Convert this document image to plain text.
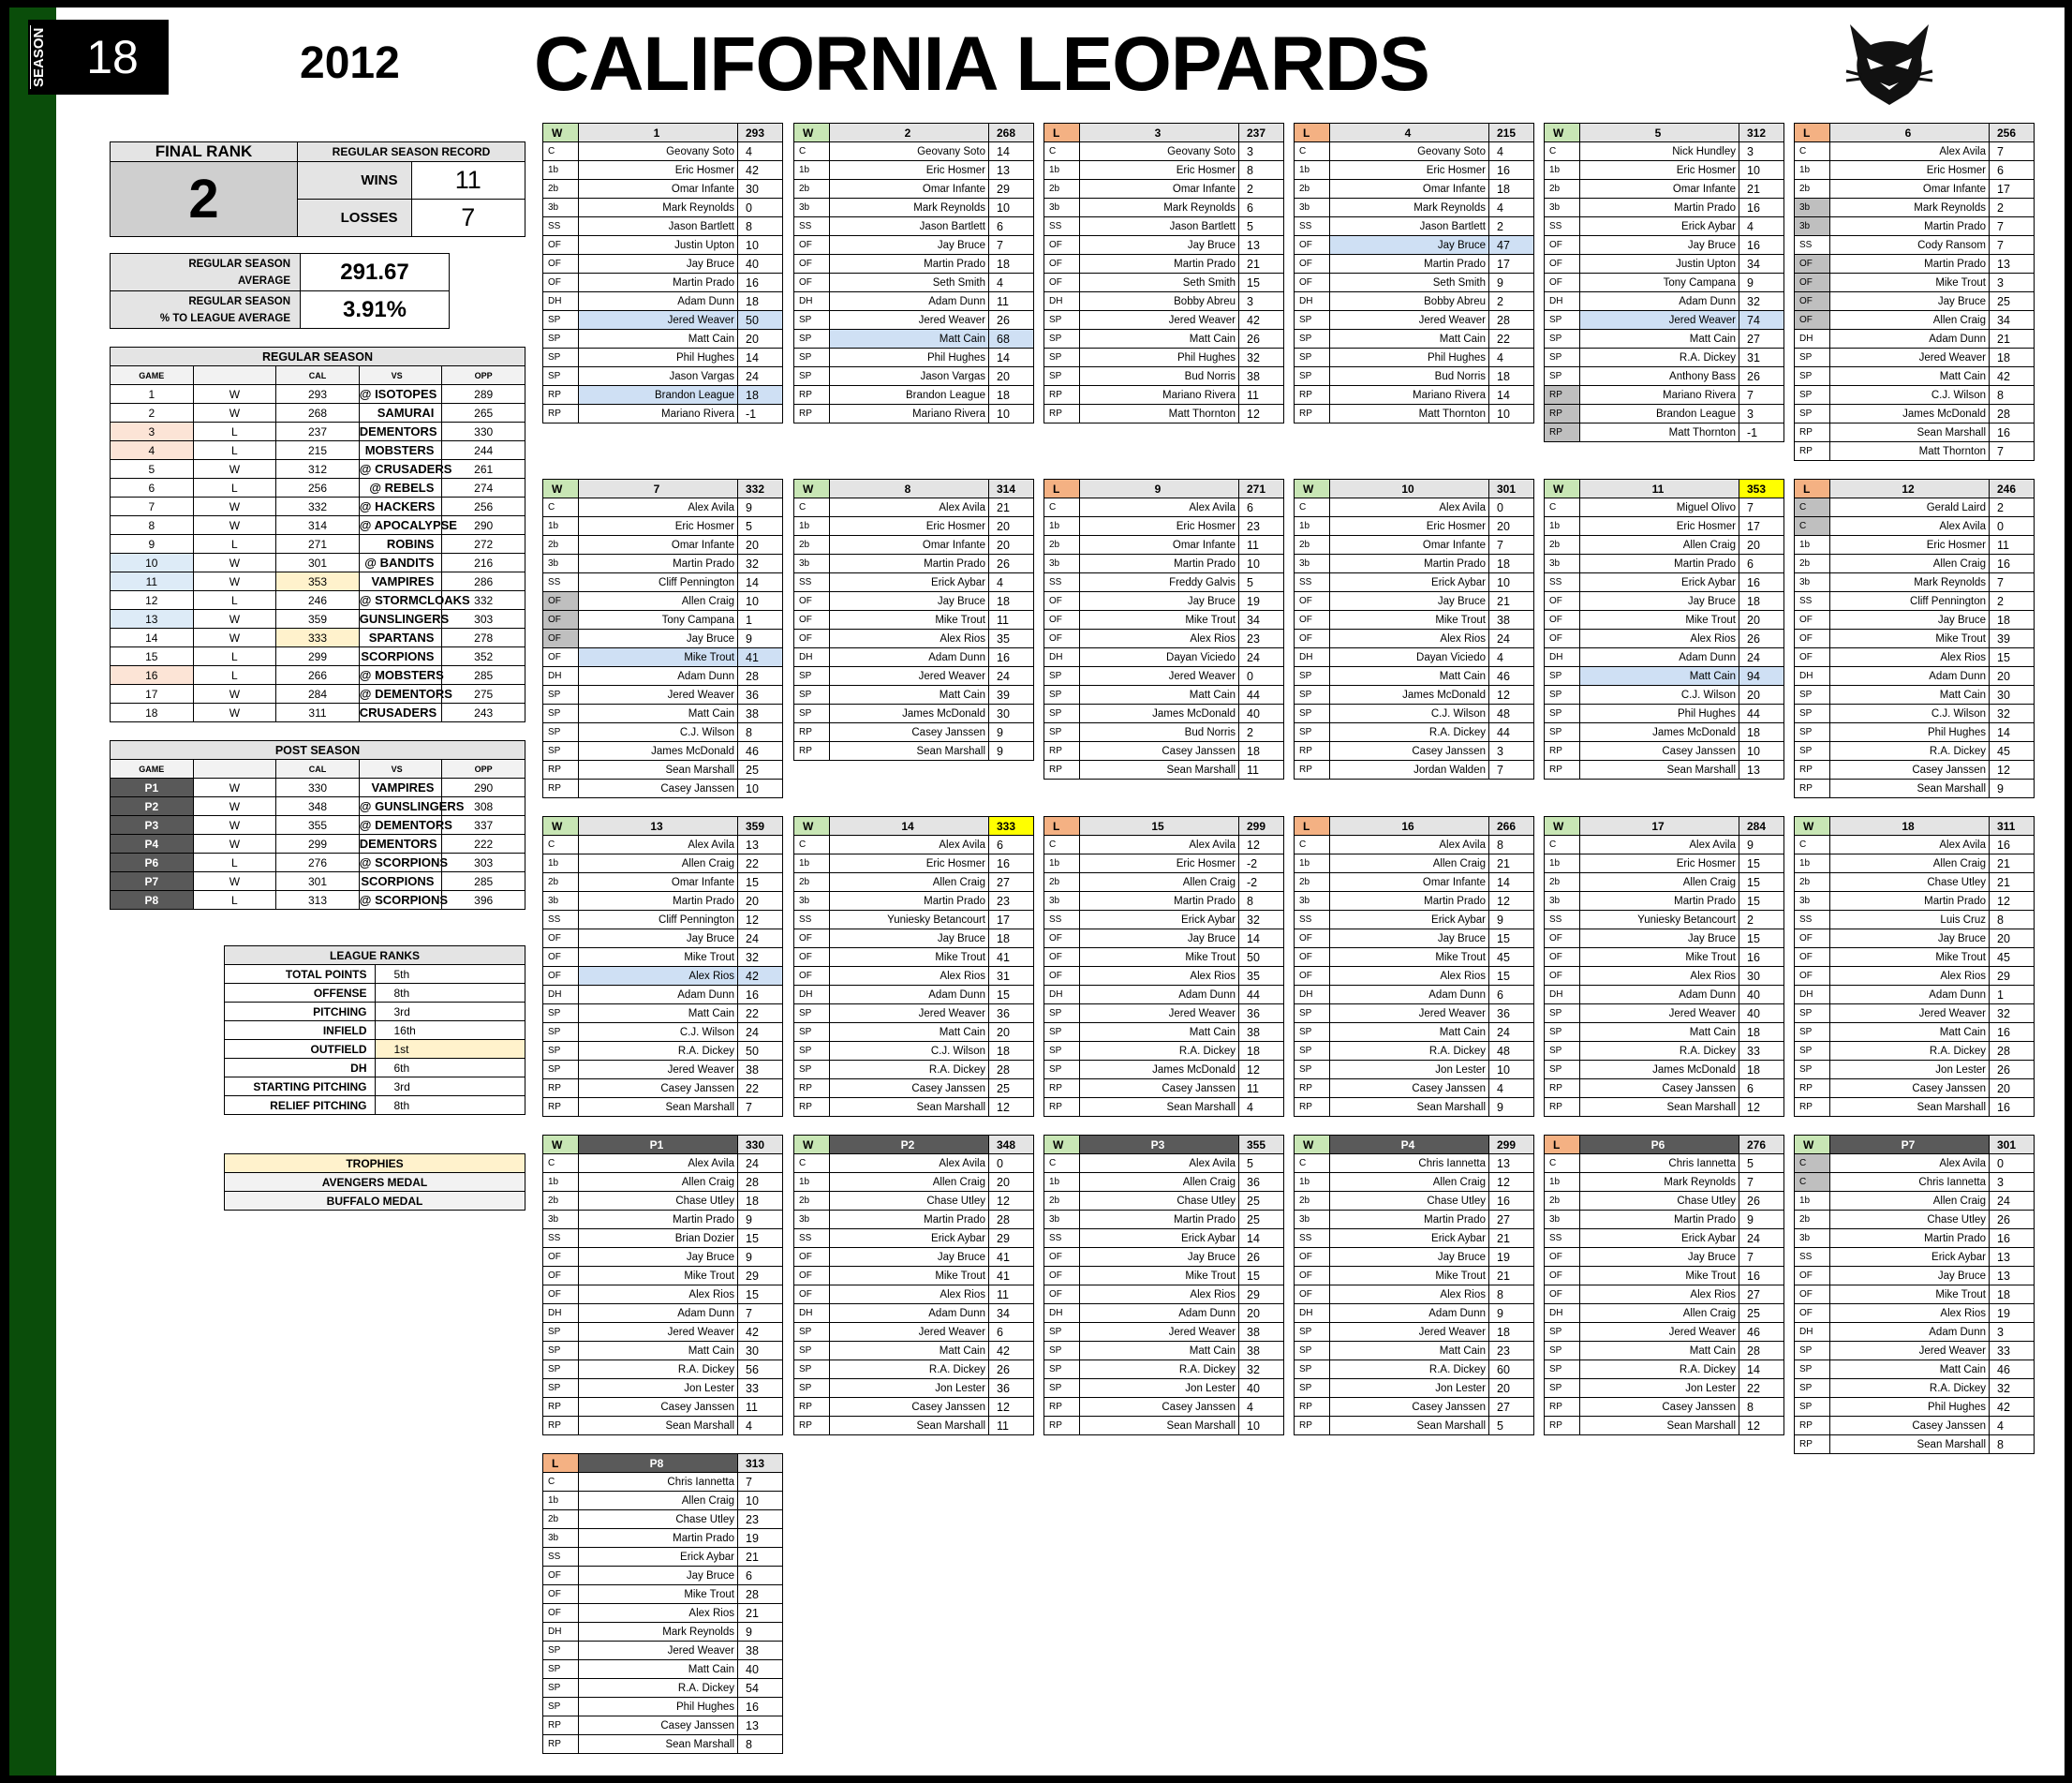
SEASON 18	2012 CALIFORNIA LEOPARDS
FINAL RANK	REGULAR SEASON RECORD	
2	WINS	11
	LOSSES	7
REGULAR SEASON
AVERAGE	291.67
REGULAR SEASON
% TO LEAGUE AVERAGE	3.91%
REGULAR SEASON				
GAME		CAL	VS	OPP
1	W	293	@ ISOTOPES	289
2	W	268	SAMURAI	265
3	L	237	DEMENTORS	330
4	L	215	MOBSTERS	244
5	W	312	@ CRUSADERS	261
6	L	256	@ REBELS	274
7	W	332	@ HACKERS	256
8	W	314	@ APOCALYPSE	290
9	L	271	ROBINS	272
10	W	301	@ BANDITS	216
11	W	353	VAMPIRES	286
12	L	246	@ STORMCLOAKS	332
13	W	359	GUNSLINGERS	303
14	W	333	SPARTANS	278
15	L	299	SCORPIONS	352
16	L	266	@ MOBSTERS	285
17	W	284	@ DEMENTORS	275
18	W	311	CRUSADERS	243
POST SEASON				
GAME		CAL	VS	OPP
P1	W	330	VAMPIRES	290
P2	W	348	@ GUNSLINGERS	308
P3	W	355	@ DEMENTORS	337
P4	W	299	DEMENTORS	222
P6	L	276	@ SCORPIONS	303
P7	W	301	SCORPIONS	285
P8	L	313	@ SCORPIONS	396
LEAGUE RANKS	
TOTAL POINTS	5th
OFFENSE	8th
PITCHING	3rd
INFIELD	16th
OUTFIELD	1st
DH	6th
STARTING PITCHING	3rd
RELIEF PITCHING	8th
TROPHIES
AVENGERS MEDAL
BUFFALO MEDAL
W	1	293
C	Geovany Soto	4
1b	Eric Hosmer	42
2b	Omar Infante	30
3b	Mark Reynolds	0
SS	Jason Bartlett	8
OF	Justin Upton	10
OF	Jay Bruce	40
OF	Martin Prado	16
DH	Adam Dunn	18
SP	Jered Weaver	50
SP	Matt Cain	20
SP	Phil Hughes	14
SP	Jason Vargas	24
RP	Brandon League	18
RP	Mariano Rivera	-1
W	2	268
C	Geovany Soto	14
1b	Eric Hosmer	13
2b	Omar Infante	29
3b	Mark Reynolds	10
SS	Jason Bartlett	6
OF	Jay Bruce	7
OF	Martin Prado	18
OF	Seth Smith	4
DH	Adam Dunn	11
SP	Jered Weaver	26
SP	Matt Cain	68
SP	Phil Hughes	14
SP	Jason Vargas	20
RP	Brandon League	18
RP	Mariano Rivera	10
L	3	237
C	Geovany Soto	3
1b	Eric Hosmer	8
2b	Omar Infante	2
3b	Mark Reynolds	6
SS	Jason Bartlett	5
OF	Jay Bruce	13
OF	Martin Prado	21
OF	Seth Smith	15
DH	Bobby Abreu	3
SP	Jered Weaver	42
SP	Matt Cain	26
SP	Phil Hughes	32
SP	Bud Norris	38
RP	Mariano Rivera	11
RP	Matt Thornton	12
L	4	215
C	Geovany Soto	4
1b	Eric Hosmer	16
2b	Omar Infante	18
3b	Mark Reynolds	4
SS	Jason Bartlett	2
OF	Jay Bruce	47
OF	Martin Prado	17
OF	Seth Smith	9
DH	Bobby Abreu	2
SP	Jered Weaver	28
SP	Matt Cain	22
SP	Phil Hughes	4
SP	Bud Norris	18
RP	Mariano Rivera	14
RP	Matt Thornton	10
W	5	312
C	Nick Hundley	3
1b	Eric Hosmer	10
2b	Omar Infante	21
3b	Martin Prado	16
SS	Erick Aybar	4
OF	Jay Bruce	16
OF	Justin Upton	34
OF	Tony Campana	9
DH	Adam Dunn	32
SP	Jered Weaver	74
SP	Matt Cain	27
SP	R.A. Dickey	31
SP	Anthony Bass	26
RP	Mariano Rivera	7
RP	Brandon League	3
RP	Matt Thornton	-1
L	6	256
C	Alex Avila	7
1b	Eric Hosmer	6
2b	Omar Infante	17
3b	Mark Reynolds	2
3b	Martin Prado	7
SS	Cody Ransom	7
OF	Martin Prado	13
OF	Mike Trout	3
OF	Jay Bruce	25
OF	Allen Craig	34
DH	Adam Dunn	21
SP	Jered Weaver	18
SP	Matt Cain	42
SP	C.J. Wilson	8
SP	James McDonald	28
RP	Sean Marshall	16
RP	Matt Thornton	7
W	7	332
C	Alex Avila	9
1b	Eric Hosmer	5
2b	Omar Infante	20
3b	Martin Prado	32
SS	Cliff Pennington	14
OF	Allen Craig	10
OF	Tony Campana	1
OF	Jay Bruce	9
OF	Mike Trout	41
DH	Adam Dunn	28
SP	Jered Weaver	36
SP	Matt Cain	38
SP	C.J. Wilson	8
SP	James McDonald	46
RP	Sean Marshall	25
RP	Casey Janssen	10
W	8	314
C	Alex Avila	21
1b	Eric Hosmer	20
2b	Omar Infante	20
3b	Martin Prado	26
SS	Erick Aybar	4
OF	Jay Bruce	18
OF	Mike Trout	11
OF	Alex Rios	35
DH	Adam Dunn	16
SP	Jered Weaver	24
SP	Matt Cain	39
SP	James McDonald	30
RP	Casey Janssen	9
RP	Sean Marshall	9
L	9	271
C	Alex Avila	6
1b	Eric Hosmer	23
2b	Omar Infante	11
3b	Martin Prado	10
SS	Freddy Galvis	5
OF	Jay Bruce	19
OF	Mike Trout	34
OF	Alex Rios	23
DH	Dayan Viciedo	24
SP	Jered Weaver	0
SP	Matt Cain	44
SP	James McDonald	40
SP	Bud Norris	2
RP	Casey Janssen	18
RP	Sean Marshall	11
W	10	301
C	Alex Avila	0
1b	Eric Hosmer	20
2b	Omar Infante	7
3b	Martin Prado	18
SS	Erick Aybar	10
OF	Jay Bruce	21
OF	Mike Trout	38
OF	Alex Rios	24
DH	Dayan Viciedo	4
SP	Matt Cain	46
SP	James McDonald	12
SP	C.J. Wilson	48
SP	R.A. Dickey	44
RP	Casey Janssen	3
RP	Jordan Walden	7
W	11	353
C	Miguel Olivo	7
1b	Eric Hosmer	17
2b	Allen Craig	20
3b	Martin Prado	6
SS	Erick Aybar	16
OF	Jay Bruce	18
OF	Mike Trout	20
OF	Alex Rios	26
DH	Adam Dunn	24
SP	Matt Cain	94
SP	C.J. Wilson	20
SP	Phil Hughes	44
SP	James McDonald	18
RP	Casey Janssen	10
RP	Sean Marshall	13
L	12	246
C	Gerald Laird	2
C	Alex Avila	0
1b	Eric Hosmer	11
2b	Allen Craig	16
3b	Mark Reynolds	7
SS	Cliff Pennington	2
OF	Jay Bruce	18
OF	Mike Trout	39
OF	Alex Rios	15
DH	Adam Dunn	20
SP	Matt Cain	30
SP	C.J. Wilson	32
SP	Phil Hughes	14
SP	R.A. Dickey	45
RP	Casey Janssen	12
RP	Sean Marshall	9
W	13	359
C	Alex Avila	13
1b	Allen Craig	22
2b	Omar Infante	15
3b	Martin Prado	20
SS	Cliff Pennington	12
OF	Jay Bruce	24
OF	Mike Trout	32
OF	Alex Rios	42
DH	Adam Dunn	16
SP	Matt Cain	22
SP	C.J. Wilson	24
SP	R.A. Dickey	50
SP	Jered Weaver	38
RP	Casey Janssen	22
RP	Sean Marshall	7
W	14	333
C	Alex Avila	6
1b	Eric Hosmer	16
2b	Allen Craig	27
3b	Martin Prado	23
SS	Yuniesky Betancourt	17
OF	Jay Bruce	18
OF	Mike Trout	41
OF	Alex Rios	31
DH	Adam Dunn	15
SP	Jered Weaver	36
SP	Matt Cain	20
SP	C.J. Wilson	18
SP	R.A. Dickey	28
RP	Casey Janssen	25
RP	Sean Marshall	12
L	15	299
C	Alex Avila	12
1b	Eric Hosmer	-2
2b	Allen Craig	-2
3b	Martin Prado	8
SS	Erick Aybar	32
OF	Jay Bruce	14
OF	Mike Trout	50
OF	Alex Rios	35
DH	Adam Dunn	44
SP	Jered Weaver	36
SP	Matt Cain	38
SP	R.A. Dickey	18
SP	James McDonald	12
RP	Casey Janssen	11
RP	Sean Marshall	4
L	16	266
C	Alex Avila	8
1b	Allen Craig	21
2b	Omar Infante	14
3b	Martin Prado	12
SS	Erick Aybar	9
OF	Jay Bruce	15
OF	Mike Trout	45
OF	Alex Rios	15
DH	Adam Dunn	6
SP	Jered Weaver	36
SP	Matt Cain	24
SP	R.A. Dickey	48
SP	Jon Lester	10
RP	Casey Janssen	4
RP	Sean Marshall	9
W	17	284
C	Alex Avila	9
1b	Eric Hosmer	15
2b	Allen Craig	15
3b	Martin Prado	15
SS	Yuniesky Betancourt	2
OF	Jay Bruce	15
OF	Mike Trout	16
OF	Alex Rios	30
DH	Adam Dunn	40
SP	Jered Weaver	40
SP	Matt Cain	18
SP	R.A. Dickey	33
SP	James McDonald	18
RP	Casey Janssen	6
RP	Sean Marshall	12
W	18	311
C	Alex Avila	16
1b	Allen Craig	21
2b	Chase Utley	21
3b	Martin Prado	12
SS	Luis Cruz	8
OF	Jay Bruce	20
OF	Mike Trout	45
OF	Alex Rios	29
DH	Adam Dunn	1
SP	Jered Weaver	32
SP	Matt Cain	16
SP	R.A. Dickey	28
SP	Jon Lester	26
RP	Casey Janssen	20
RP	Sean Marshall	16
W	P1	330
C	Alex Avila	24
1b	Allen Craig	28
2b	Chase Utley	18
3b	Martin Prado	9
SS	Brian Dozier	15
OF	Jay Bruce	9
OF	Mike Trout	29
OF	Alex Rios	15
DH	Adam Dunn	7
SP	Jered Weaver	42
SP	Matt Cain	30
SP	R.A. Dickey	56
SP	Jon Lester	33
RP	Casey Janssen	11
RP	Sean Marshall	4
W	P2	348
C	Alex Avila	0
1b	Allen Craig	20
2b	Chase Utley	12
3b	Martin Prado	28
SS	Erick Aybar	29
OF	Jay Bruce	41
OF	Mike Trout	41
OF	Alex Rios	11
DH	Adam Dunn	34
SP	Jered Weaver	6
SP	Matt Cain	42
SP	R.A. Dickey	26
SP	Jon Lester	36
RP	Casey Janssen	12
RP	Sean Marshall	11
W	P3	355
C	Alex Avila	5
1b	Allen Craig	36
2b	Chase Utley	25
3b	Martin Prado	25
SS	Erick Aybar	14
OF	Jay Bruce	26
OF	Mike Trout	15
OF	Alex Rios	29
DH	Adam Dunn	20
SP	Jered Weaver	38
SP	Matt Cain	38
SP	R.A. Dickey	32
SP	Jon Lester	40
RP	Casey Janssen	4
RP	Sean Marshall	10
W	P4	299
C	Chris Iannetta	13
1b	Allen Craig	12
2b	Chase Utley	16
3b	Martin Prado	27
SS	Erick Aybar	21
OF	Jay Bruce	19
OF	Mike Trout	21
OF	Alex Rios	8
DH	Adam Dunn	9
SP	Jered Weaver	18
SP	Matt Cain	23
SP	R.A. Dickey	60
SP	Jon Lester	20
RP	Casey Janssen	27
RP	Sean Marshall	5
L	P6	276
C	Chris Iannetta	5
1b	Mark Reynolds	7
2b	Chase Utley	26
3b	Martin Prado	9
SS	Erick Aybar	24
OF	Jay Bruce	7
OF	Mike Trout	16
OF	Alex Rios	27
DH	Allen Craig	25
SP	Jered Weaver	46
SP	Matt Cain	28
SP	R.A. Dickey	14
SP	Jon Lester	22
RP	Casey Janssen	8
RP	Sean Marshall	12
W	P7	301
C	Alex Avila	0
C	Chris Iannetta	3
1b	Allen Craig	24
2b	Chase Utley	26
3b	Martin Prado	16
SS	Erick Aybar	13
OF	Jay Bruce	13
OF	Mike Trout	18
OF	Alex Rios	19
DH	Adam Dunn	3
SP	Jered Weaver	33
SP	Matt Cain	46
SP	R.A. Dickey	32
SP	Phil Hughes	42
RP	Casey Janssen	4
RP	Sean Marshall	8
L	P8	313
C	Chris Iannetta	7
1b	Allen Craig	10
2b	Chase Utley	23
3b	Martin Prado	19
SS	Erick Aybar	21
OF	Jay Bruce	6
OF	Mike Trout	28
OF	Alex Rios	21
DH	Mark Reynolds	9
SP	Jered Weaver	38
SP	Matt Cain	40
SP	R.A. Dickey	54
SP	Phil Hughes	16
RP	Casey Janssen	13
RP	Sean Marshall	8
